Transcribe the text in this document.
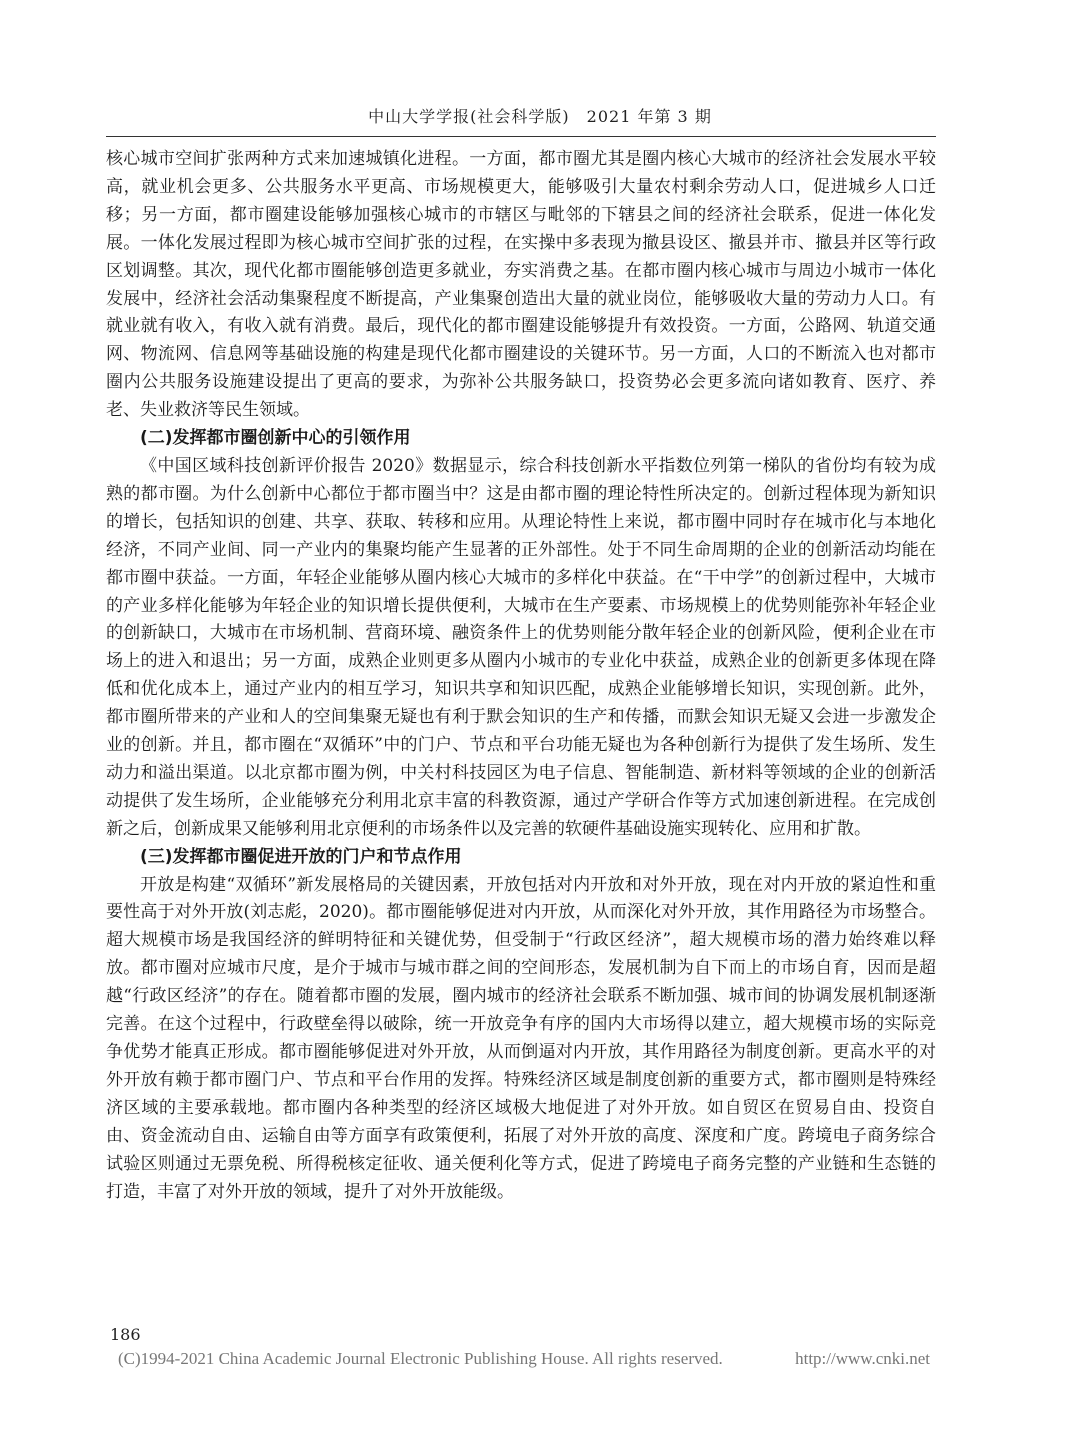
中山大学学报(社会科学版)　2021 年第 3 期

核心城市空间扩张两种方式来加速城镇化进程。一方面，都市圈尤其是圈内核心大城市的经济社会发展水平较高，就业机会更多、公共服务水平更高、市场规模更大，能够吸引大量农村剩余劳动人口，促进城乡人口迁移；另一方面，都市圈建设能够加强核心城市的市辖区与毗邻的下辖县之间的经济社会联系，促进一体化发展。一体化发展过程即为核心城市空间扩张的过程，在实操中多表现为撤县设区、撤县并市、撤县并区等行政区划调整。其次，现代化都市圈能够创造更多就业，夯实消费之基。在都市圈内核心城市与周边小城市一体化发展中，经济社会活动集聚程度不断提高，产业集聚创造出大量的就业岗位，能够吸收大量的劳动力人口。有就业就有收入，有收入就有消费。最后，现代化的都市圈建设能够提升有效投资。一方面，公路网、轨道交通网、物流网、信息网等基础设施的构建是现代化都市圈建设的关键环节。另一方面，人口的不断流入也对都市圈内公共服务设施建设提出了更高的要求，为弥补公共服务缺口，投资势必会更多流向诸如教育、医疗、养老、失业救济等民生领域。

(二)发挥都市圈创新中心的引领作用

《中国区域科技创新评价报告 2020》数据显示，综合科技创新水平指数位列第一梯队的省份均有较为成熟的都市圈。为什么创新中心都位于都市圈当中？这是由都市圈的理论特性所决定的。创新过程体现为新知识的增长，包括知识的创建、共享、获取、转移和应用。从理论特性上来说，都市圈中同时存在城市化与本地化经济，不同产业间、同一产业内的集聚均能产生显著的正外部性。处于不同生命周期的企业的创新活动均能在都市圈中获益。一方面，年轻企业能够从圈内核心大城市的多样化中获益。在“干中学”的创新过程中，大城市的产业多样化能够为年轻企业的知识增长提供便利，大城市在生产要素、市场规模上的优势则能弥补年轻企业的创新缺口，大城市在市场机制、营商环境、融资条件上的优势则能分散年轻企业的创新风险，便利企业在市场上的进入和退出；另一方面，成熟企业则更多从圈内小城市的专业化中获益，成熟企业的创新更多体现在降低和优化成本上，通过产业内的相互学习，知识共享和知识匹配，成熟企业能够增长知识，实现创新。此外，都市圈所带来的产业和人的空间集聚无疑也有利于默会知识的生产和传播，而默会知识无疑又会进一步激发企业的创新。并且，都市圈在“双循环”中的门户、节点和平台功能无疑也为各种创新行为提供了发生场所、发生动力和溢出渠道。以北京都市圈为例，中关村科技园区为电子信息、智能制造、新材料等领域的企业的创新活动提供了发生场所，企业能够充分利用北京丰富的科教资源，通过产学研合作等方式加速创新进程。在完成创新之后，创新成果又能够利用北京便利的市场条件以及完善的软硬件基础设施实现转化、应用和扩散。

(三)发挥都市圈促进开放的门户和节点作用

开放是构建“双循环”新发展格局的关键因素，开放包括对内开放和对外开放，现在对内开放的紧迫性和重要性高于对外开放(刘志彪，2020)。都市圈能够促进对内开放，从而深化对外开放，其作用路径为市场整合。超大规模市场是我国经济的鲜明特征和关键优势，但受制于“行政区经济”，超大规模市场的潜力始终难以释放。都市圈对应城市尺度，是介于城市与城市群之间的空间形态，发展机制为自下而上的市场自育，因而是超越“行政区经济”的存在。随着都市圈的发展，圈内城市的经济社会联系不断加强、城市间的协调发展机制逐渐完善。在这个过程中，行政壁垒得以破除，统一开放竞争有序的国内大市场得以建立，超大规模市场的实际竞争优势才能真正形成。都市圈能够促进对外开放，从而倒逼对内开放，其作用路径为制度创新。更高水平的对外开放有赖于都市圈门户、节点和平台作用的发挥。特殊经济区域是制度创新的重要方式，都市圈则是特殊经济区域的主要承载地。都市圈内各种类型的经济区域极大地促进了对外开放。如自贸区在贸易自由、投资自由、资金流动自由、运输自由等方面享有政策便利，拓展了对外开放的高度、深度和广度。跨境电子商务综合试验区则通过无票免税、所得税核定征收、通关便利化等方式，促进了跨境电子商务完整的产业链和生态链的打造，丰富了对外开放的领域，提升了对外开放能级。

186
(C)1994-2021 China Academic Journal Electronic Publishing House. All rights reserved.	http://www.cnki.net
